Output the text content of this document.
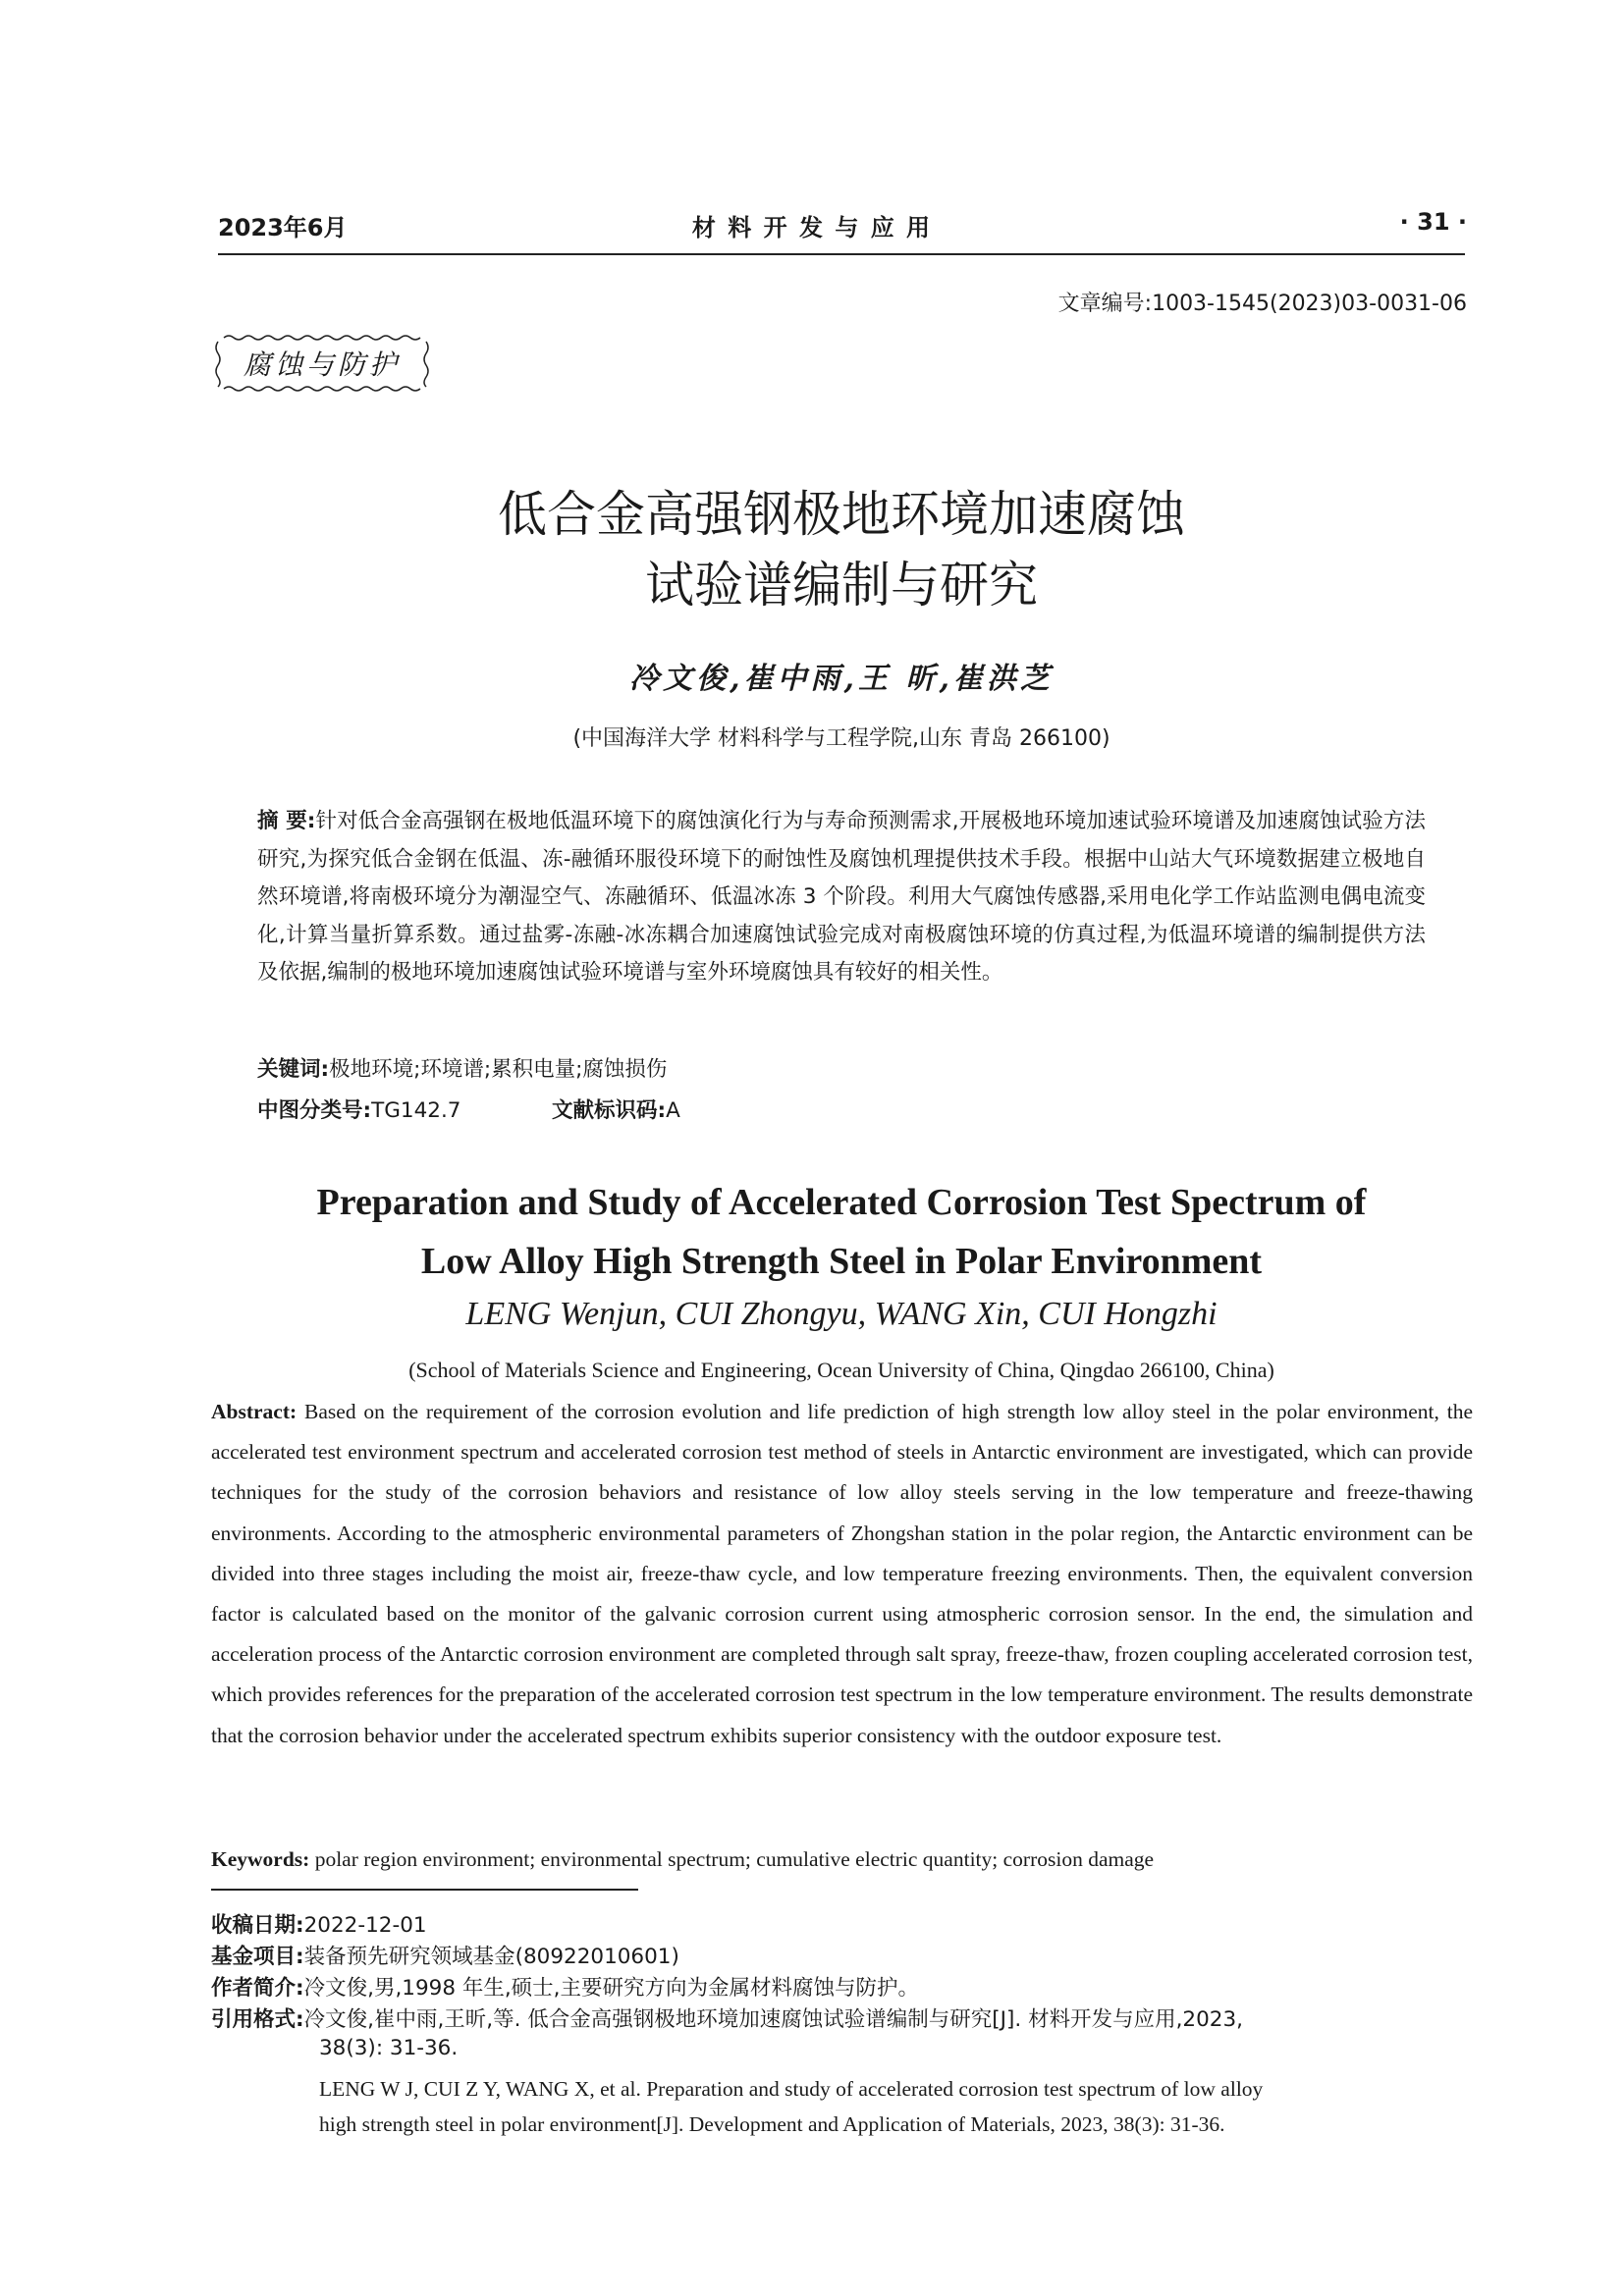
2023年6月	材 料 开 发 与 应 用	· 31 ·
文章编号:1003-1545(2023)03-0031-06
腐蚀与防护
低合金高强钢极地环境加速腐蚀
试验谱编制与研究
冷文俊,崔中雨,王 昕,崔洪芝
(中国海洋大学 材料科学与工程学院,山东 青岛 266100)
摘 要:针对低合金高强钢在极地低温环境下的腐蚀演化行为与寿命预测需求,开展极地环境加速试验环境谱及加速腐蚀试验方法研究,为探究低合金钢在低温、冻-融循环服役环境下的耐蚀性及腐蚀机理提供技术手段。根据中山站大气环境数据建立极地自然环境谱,将南极环境分为潮湿空气、冻融循环、低温冰冻 3 个阶段。利用大气腐蚀传感器,采用电化学工作站监测电偶电流变化,计算当量折算系数。通过盐雾-冻融-冰冻耦合加速腐蚀试验完成对南极腐蚀环境的仿真过程,为低温环境谱的编制提供方法及依据,编制的极地环境加速腐蚀试验环境谱与室外环境腐蚀具有较好的相关性。
关键词:极地环境;环境谱;累积电量;腐蚀损伤
中图分类号:TG142.7	文献标识码:A
Preparation and Study of Accelerated Corrosion Test Spectrum of
Low Alloy High Strength Steel in Polar Environment
LENG Wenjun, CUI Zhongyu, WANG Xin, CUI Hongzhi
(School of Materials Science and Engineering, Ocean University of China, Qingdao 266100, China)
Abstract: Based on the requirement of the corrosion evolution and life prediction of high strength low alloy steel in the polar environment, the accelerated test environment spectrum and accelerated corrosion test method of steels in Antarctic environment are investigated, which can provide techniques for the study of the corrosion behaviors and resistance of low alloy steels serving in the low temperature and freeze-thawing environments. According to the atmospheric environmental parameters of Zhongshan station in the polar region, the Antarctic environment can be divided into three stages including the moist air, freeze-thaw cycle, and low temperature freezing environments. Then, the equivalent conversion factor is calculated based on the monitor of the galvanic corrosion current using atmospheric corrosion sensor. In the end, the simulation and acceleration process of the Antarctic corrosion environment are completed through salt spray, freeze-thaw, frozen coupling accelerated corrosion test, which provides references for the preparation of the accelerated corrosion test spectrum in the low temperature environment. The results demonstrate that the corrosion behavior under the accelerated spectrum exhibits superior consistency with the outdoor exposure test.
Keywords: polar region environment; environmental spectrum; cumulative electric quantity; corrosion damage
收稿日期:2022-12-01
基金项目:装备预先研究领域基金(80922010601)
作者简介:冷文俊,男,1998 年生,硕士,主要研究方向为金属材料腐蚀与防护。
引用格式:冷文俊,崔中雨,王昕,等. 低合金高强钢极地环境加速腐蚀试验谱编制与研究[J]. 材料开发与应用,2023,
38(3): 31-36.
LENG W J, CUI Z Y, WANG X, et al. Preparation and study of accelerated corrosion test spectrum of low alloy
high strength steel in polar environment[J]. Development and Application of Materials, 2023, 38(3): 31-36.
